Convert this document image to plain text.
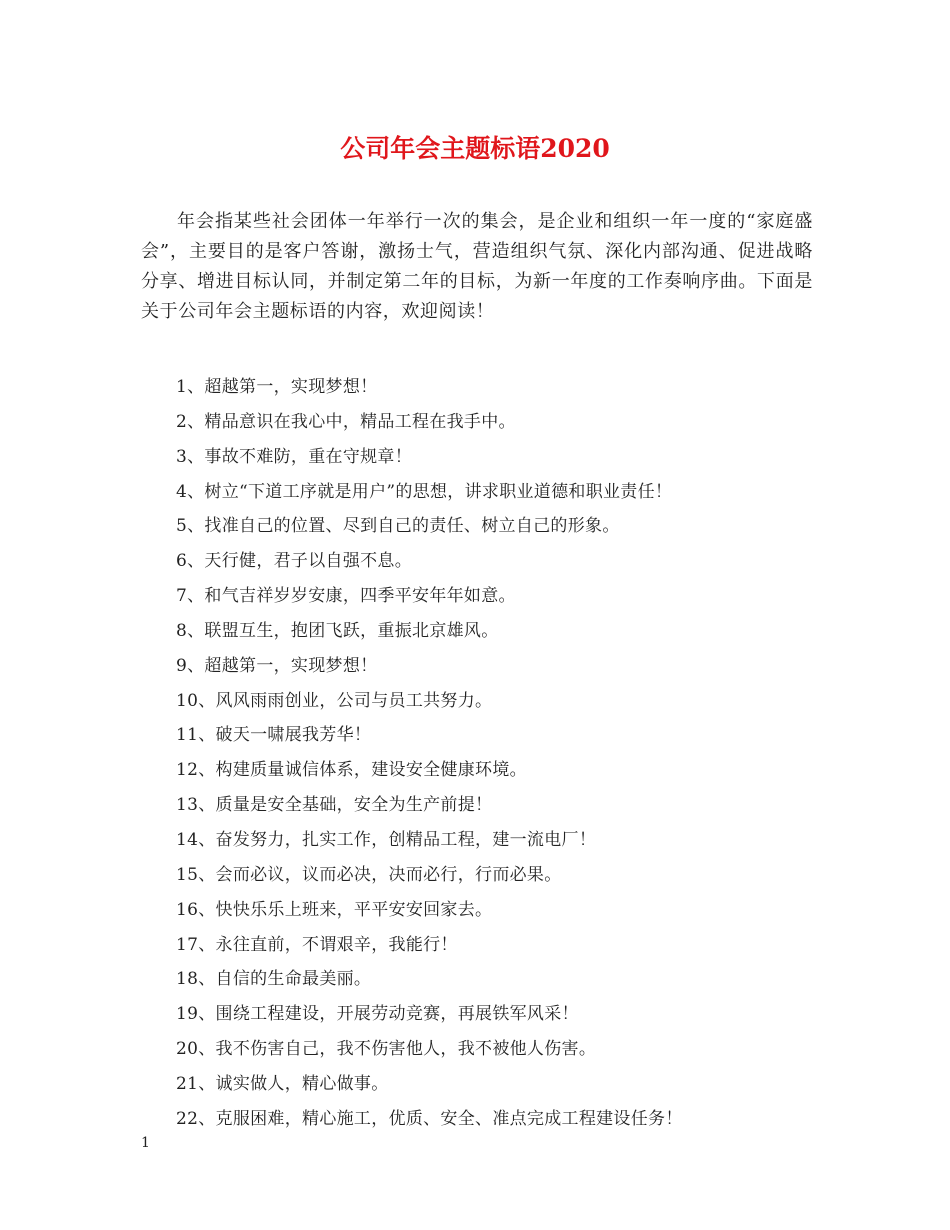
公司年会主题标语2020

年会指某些社会团体一年举行一次的集会，是企业和组织一年一度的“家庭盛会”，主要目的是客户答谢，激扬士气，营造组织气氛、深化内部沟通、促进战略分享、增进目标认同，并制定第二年的目标，为新一年度的工作奏响序曲。下面是关于公司年会主题标语的内容，欢迎阅读！

1、超越第一，实现梦想！
2、精品意识在我心中，精品工程在我手中。
3、事故不难防，重在守规章！
4、树立“下道工序就是用户”的思想，讲求职业道德和职业责任！
5、找准自己的位置、尽到自己的责任、树立自己的形象。
6、天行健，君子以自强不息。
7、和气吉祥岁岁安康，四季平安年年如意。
8、联盟互生，抱团飞跃，重振北京雄风。
9、超越第一，实现梦想！
10、风风雨雨创业，公司与员工共努力。
11、破天一啸展我芳华！
12、构建质量诚信体系，建设安全健康环境。
13、质量是安全基础，安全为生产前提！
14、奋发努力，扎实工作，创精品工程，建一流电厂！
15、会而必议，议而必决，决而必行，行而必果。
16、快快乐乐上班来，平平安安回家去。
17、永往直前，不谓艰辛，我能行！
18、自信的生命最美丽。
19、围绕工程建设，开展劳动竞赛，再展铁军风采！
20、我不伤害自己，我不伤害他人，我不被他人伤害。
21、诚实做人，精心做事。
22、克服困难，精心施工，优质、安全、准点完成工程建设任务！
1
